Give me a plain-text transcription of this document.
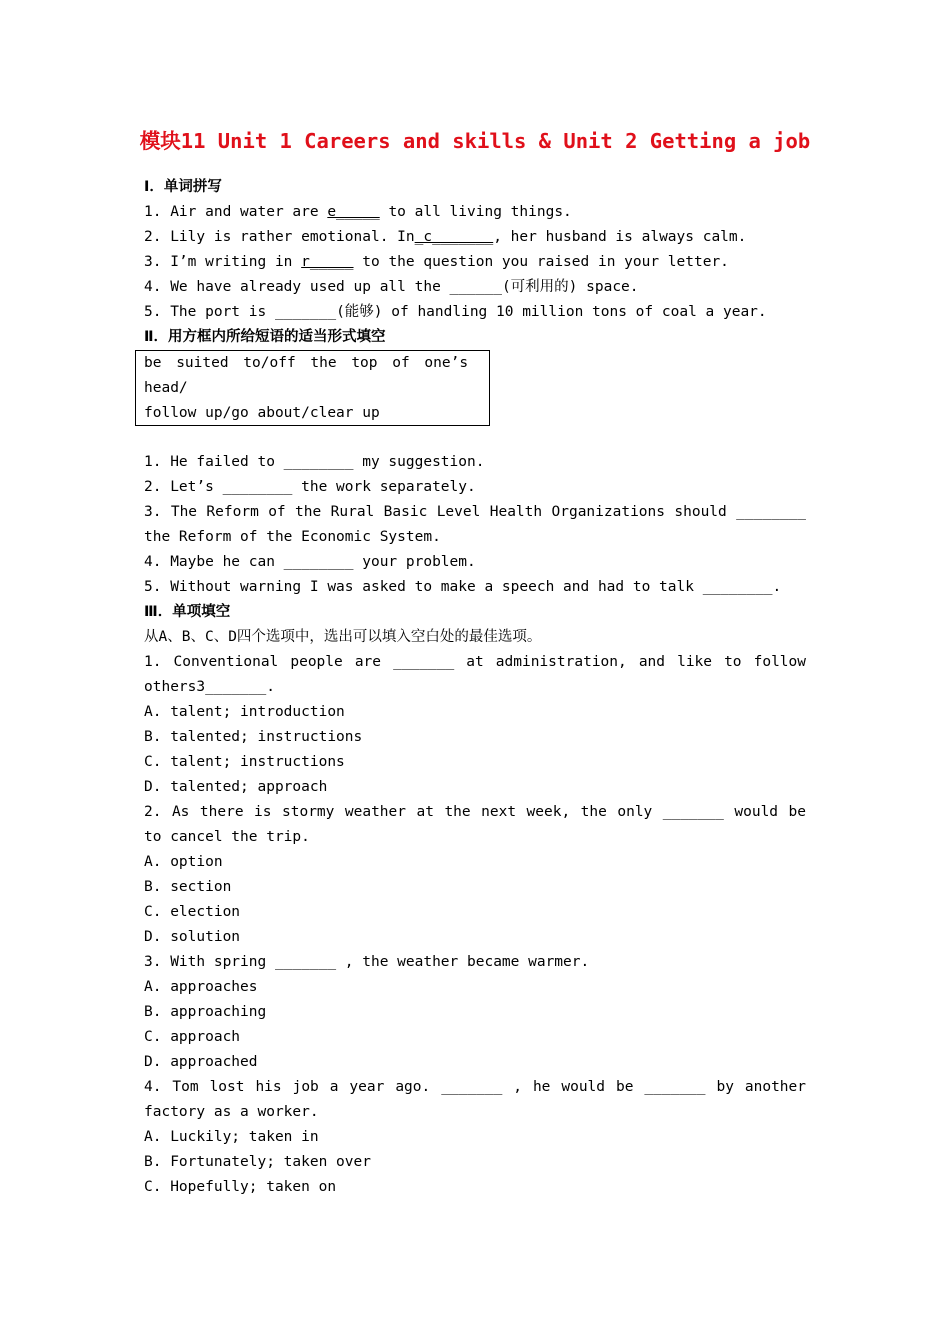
模块11 Unit 1 Careers and skills & Unit 2 Getting a job
Ⅰ．单词拼写
1. Air and water are e_____ to all living things.
2. Lily is rather emotional. In_c_______, her husband is always calm.
3. I’m writing in r_____ to the question you raised in your letter.
4. We have already used up all the ______(可利用的) space.
5. The port is _______(能够) of handling 10 million tons of coal a year.
Ⅱ．用方框内所给短语的适当形式填空
be suited to/off the top of one’s head/
follow up/go about/clear up
1. He failed to ________ my suggestion.
2. Let’s ________ the work separately.
3. The Reform of the Rural Basic Level Health Organizations should ________ the Reform of the Economic System.
4. Maybe he can ________ your problem.
5. Without warning I was asked to make a speech and had to talk ________.
Ⅲ．单项填空
从A、B、C、D四个选项中，选出可以填入空白处的最佳选项。
1. Conventional people are _______ at administration, and like to follow others3_______.
A. talent; introduction
B. talented; instructions
C. talent; instructions
D. talented; approach
2. As there is stormy weather at the next week, the only _______ would be to cancel the trip.
A. option
B. section
C. election
D. solution
3. With spring _______ , the weather became warmer.
A. approaches
B. approaching
C. approach
D. approached
4. Tom lost his job a year ago. _______ , he would be _______ by another factory as a worker.
A. Luckily; taken in
B. Fortunately; taken over
C. Hopefully; taken on
